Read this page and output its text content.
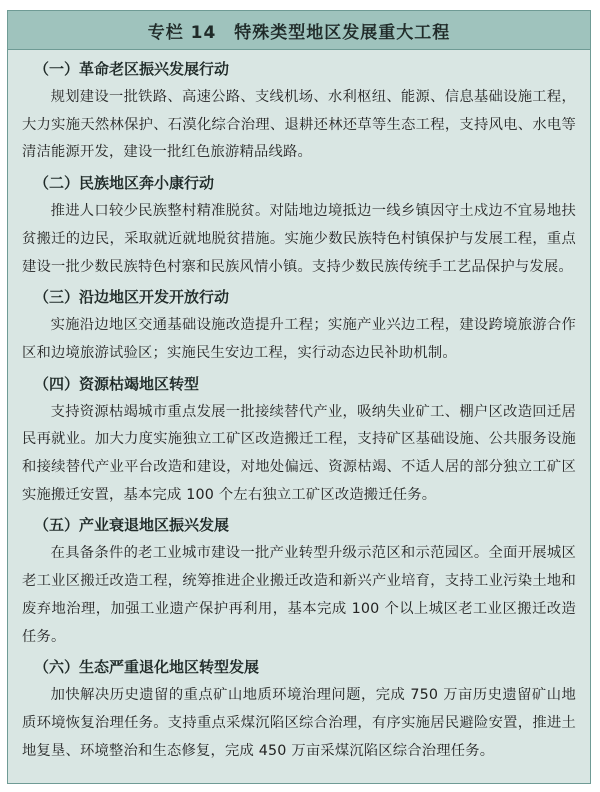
专栏 14 特殊类型地区发展重大工程
（一）革命老区振兴发展行动
规划建设一批铁路、高速公路、支线机场、水利枢纽、能源、信息基础设施工程，大力实施天然林保护、石漠化综合治理、退耕还林还草等生态工程，支持风电、水电等清洁能源开发，建设一批红色旅游精品线路。
（二）民族地区奔小康行动
推进人口较少民族整村精准脱贫。对陆地边境抵边一线乡镇因守土戍边不宜易地扶贫搬迁的边民，采取就近就地脱贫措施。实施少数民族特色村镇保护与发展工程，重点建设一批少数民族特色村寨和民族风情小镇。支持少数民族传统手工艺品保护与发展。
（三）沿边地区开发开放行动
实施沿边地区交通基础设施改造提升工程；实施产业兴边工程，建设跨境旅游合作区和边境旅游试验区；实施民生安边工程，实行动态边民补助机制。
（四）资源枯竭地区转型
支持资源枯竭城市重点发展一批接续替代产业，吸纳失业矿工、棚户区改造回迁居民再就业。加大力度实施独立工矿区改造搬迁工程，支持矿区基础设施、公共服务设施和接续替代产业平台改造和建设，对地处偏远、资源枯竭、不适人居的部分独立工矿区实施搬迁安置，基本完成 100 个左右独立工矿区改造搬迁任务。
（五）产业衰退地区振兴发展
在具备条件的老工业城市建设一批产业转型升级示范区和示范园区。全面开展城区老工业区搬迁改造工程，统筹推进企业搬迁改造和新兴产业培育，支持工业污染土地和废弃地治理，加强工业遗产保护再利用，基本完成 100 个以上城区老工业区搬迁改造任务。
（六）生态严重退化地区转型发展
加快解决历史遗留的重点矿山地质环境治理问题，完成 750 万亩历史遗留矿山地质环境恢复治理任务。支持重点采煤沉陷区综合治理，有序实施居民避险安置，推进土地复垦、环境整治和生态修复，完成 450 万亩采煤沉陷区综合治理任务。
